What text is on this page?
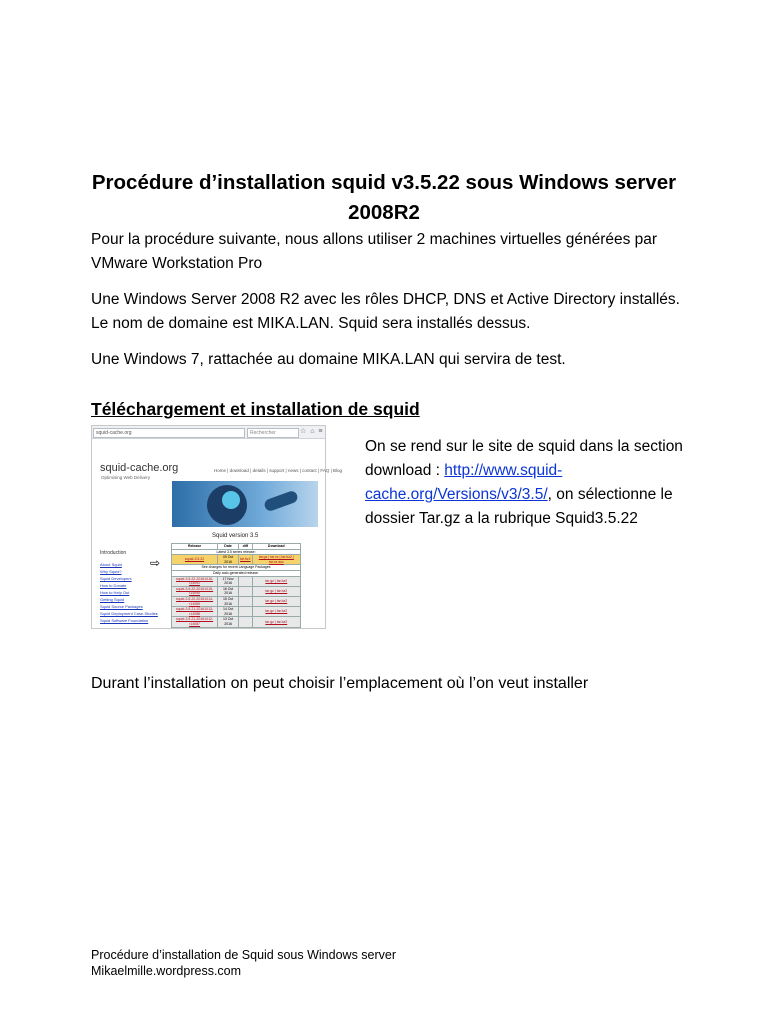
Procédure d’installation squid v3.5.22 sous Windows server 2008R2

Pour la procédure suivante, nous allons utiliser 2 machines virtuelles générées par VMware Workstation Pro

Une Windows Server 2008 R2 avec les rôles DHCP, DNS et Active Directory installés. Le nom de domaine est MIKA.LAN. Squid sera installés dessus.

Une Windows 7, rattachée au domaine MIKA.LAN qui servira de test.

Téléchargement et installation de squid
squid-cache.org	Rechercher	☆ ⌂ ≡
squid-cache.org
Optimising Web Delivery
Home | download | details | support | news | contact | FAQ | Blog
Squid version 3.5
Introduction
About Squid
Why Squid?
Squid Developers
How to Donate
How to Help Out
Getting Squid
Squid Source Packages
Squid Deployment Case-Studies
Squid Software Foundation
⇨
Release	Date	diff	Download
Latest 3.5 series release:			
squid-3.5.22	09 Oct 2016	tar.bz2	tar.gz | tar.xz | tar.bz2 | tar.xz.asc
See changes for recent Language Packages			
Daily auto-generated release.			
squid-3.5.22-20161016-r14091	17 Nov 2016		tar.gz | tar.bz2
squid-3.5.22-20161015-r14090	16 Oct 2016		tar.gz | tar.bz2
squid-3.5.22-20161014-r14089	15 Oct 2016		tar.gz | tar.bz2
squid-3.5.21-20161013-r14088	14 Oct 2016		tar.gz | tar.bz2
squid-3.5.21-20161012-r14087	13 Oct 2016		tar.gz | tar.bz2
On se rend sur le site de squid dans la section download : http://www.squid-cache.org/Versions/v3/3.5/, on sélectionne le dossier Tar.gz a la rubrique Squid3.5.22
Durant l’installation on peut choisir l’emplacement où l’on veut installer
Procédure d’installation de Squid sous Windows server
Mikaelmille.wordpress.com
